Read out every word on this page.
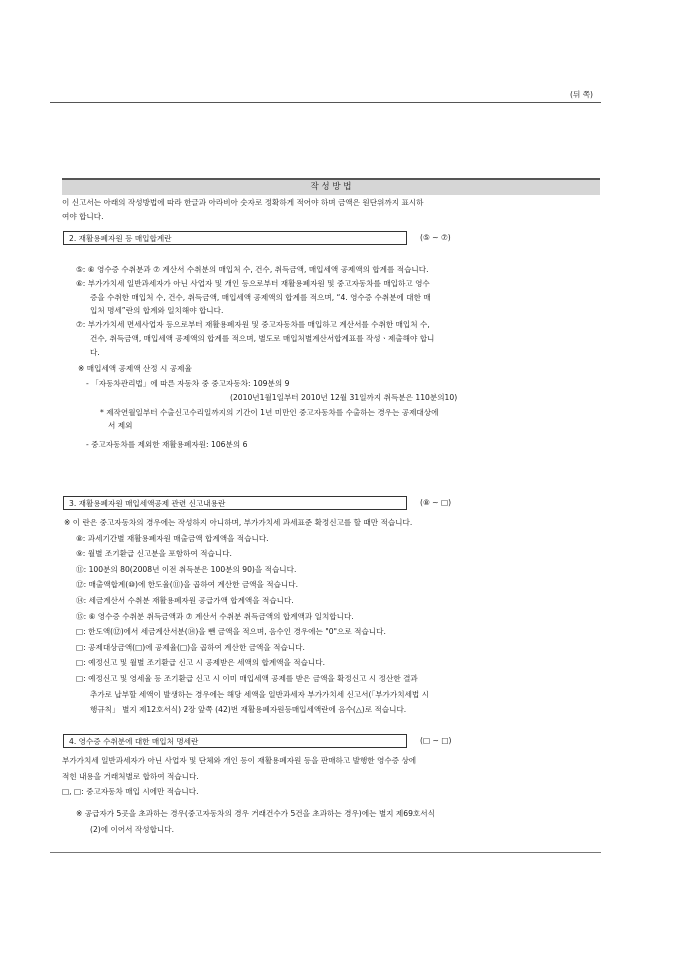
(뒤 쪽)
작 성 방 법
이 신고서는 아래의 작성방법에 따라 한글과 아라비아 숫자로 정확하게 적어야 하며 금액은 원단위까지 표시하
여야 합니다.
2. 재활용폐자원 등 매입합계란	(⑤ ~ ⑦)
⑤: ⑥ 영수증 수취분과 ⑦ 계산서 수취분의 매입처 수, 건수, 취득금액, 매입세액 공제액의 합계를 적습니다.
⑥: 부가가치세 일반과세자가 아닌 사업자 및 개인 등으로부터 재활용폐자원 및 중고자동차를 매입하고 영수
증을 수취한 매입처 수, 건수, 취득금액, 매입세액 공제액의 합계를 적으며, “4. 영수증 수취분에 대한 매
입처 명세”란의 합계와 일치해야 합니다.
⑦: 부가가치세 면세사업자 등으로부터 재활용폐자원 및 중고자동차를 매입하고 계산서를 수취한 매입처 수,
건수, 취득금액, 매입세액 공제액의 합계를 적으며, 별도로 매입처별계산서합계표를 작성ㆍ제출해야 합니
다.
※ 매입세액 공제액 산정 시 공제율
- 「자동차관리법」에 따른 자동차 중 중고자동차: 109분의 9
(2010년1월1일부터 2010년 12월 31일까지 취득분은 110분의10)
* 제작연월일부터 수출신고수리일까지의 기간이 1년 미만인 중고자동차를 수출하는 경우는 공제대상에
서 제외
- 중고자동차를 제외한 재활용폐자원: 106분의 6
3. 재활용폐자원 매입세액공제 관련 신고내용란	(⑧ ~ □)
※ 이 란은 중고자동차의 경우에는 작성하지 아니하며, 부가가치세 과세표준 확정신고를 할 때만 적습니다.
⑧: 과세기간별 재활용폐자원 매출금액 합계액을 적습니다.
⑨: 월별 조기환급 신고분을 포함하여 적습니다.
⑪: 100분의 80(2008년 이전 취득분은 100분의 90)을 적습니다.
⑫: 매출액합계(⑩)에 한도율(⑪)을 곱하여 계산한 금액을 적습니다.
⑭: 세금계산서 수취분 재활용폐자원 공급가액 합계액을 적습니다.
⑮: ⑥ 영수증 수취분 취득금액과 ⑦ 계산서 수취분 취득금액의 합계액과 일치합니다.
□: 한도액(⑫)에서 세금계산서분(⑭)을 뺀 금액을 적으며, 음수인 경우에는 "0"으로 적습니다.
□: 공제대상금액(□)에 공제율(□)을 곱하여 계산한 금액을 적습니다.
□: 예정신고 및 월별 조기환급 신고 시 공제받은 세액의 합계액을 적습니다.
□: 예정신고 및 영세율 등 조기환급 신고 시 이미 매입세액 공제를 받은 금액을 확정신고 시 정산한 결과
추가로 납부할 세액이 발생하는 경우에는 해당 세액을 일반과세자 부가가치세 신고서(「부가가치세법 시
행규칙」 별지 제12호서식) 2장 앞쪽 (42)번 재활용폐자원등매입세액란에 음수(△)로 적습니다.
4. 영수증 수취분에 대한 매입처 명세란	(□ ~ □)
부가가치세 일반과세자가 아닌 사업자 및 단체와 개인 등이 재활용폐자원 등을 판매하고 발행한 영수증 상에
적힌 내용을 거래처별로 합하여 적습니다.
□, □: 중고자동차 매입 시에만 적습니다.
※ 공급자가 5곳을 초과하는 경우(중고자동차의 경우 거래건수가 5건을 초과하는 경우)에는 별지 제69호서식
(2)에 이어서 작성합니다.
